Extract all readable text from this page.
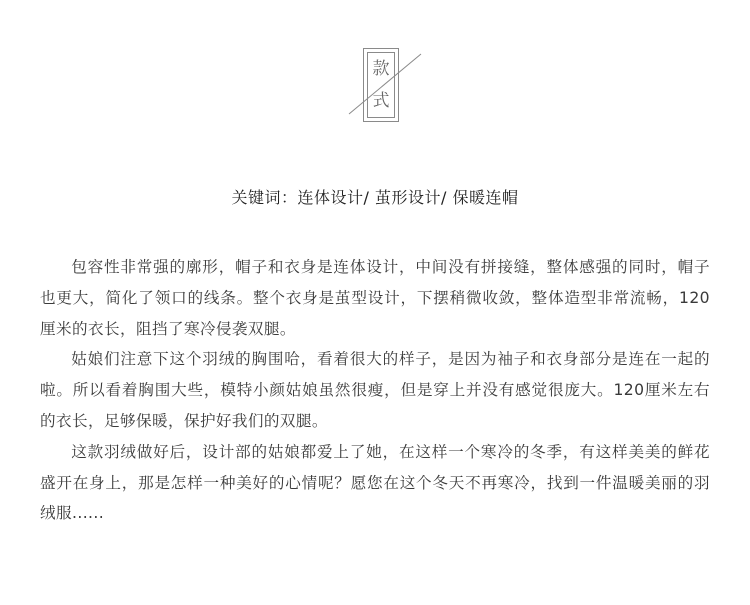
款
式
关键词：连体设计/ 茧形设计/ 保暖连帽

包容性非常强的廓形，帽子和衣身是连体设计，中间没有拼接缝，整体感强的同时，帽子也更大，简化了领口的线条。整个衣身是茧型设计，下摆稍微收敛，整体造型非常流畅，120厘米的衣长，阻挡了寒冷侵袭双腿。

姑娘们注意下这个羽绒的胸围哈，看着很大的样子，是因为袖子和衣身部分是连在一起的啦。所以看着胸围大些，模特小颜姑娘虽然很瘦，但是穿上并没有感觉很庞大。120厘米左右的衣长，足够保暖，保护好我们的双腿。

这款羽绒做好后，设计部的姑娘都爱上了她，在这样一个寒冷的冬季，有这样美美的鲜花盛开在身上，那是怎样一种美好的心情呢？愿您在这个冬天不再寒冷，找到一件温暖美丽的羽绒服......
